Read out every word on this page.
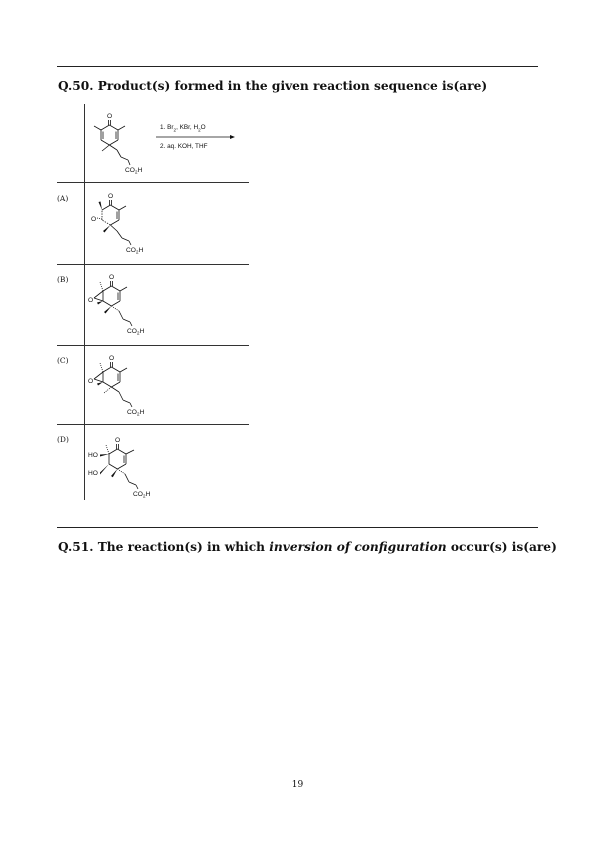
Q.50. Product(s) formed in the given reaction sequence is(are)
(A)
(B)
(C)
(D)
1. $Br_2$, KBr, $H_2O$
2. aq. KOH, THF
O
$CO_2H$
O
O
$CO_2H$
O
O
$CO_2H$
O
O
$CO_2H$
O
HO
HO
$CO_2H$
Q.51. The reaction(s) in which inversion of configuration occur(s) is(are)
19
